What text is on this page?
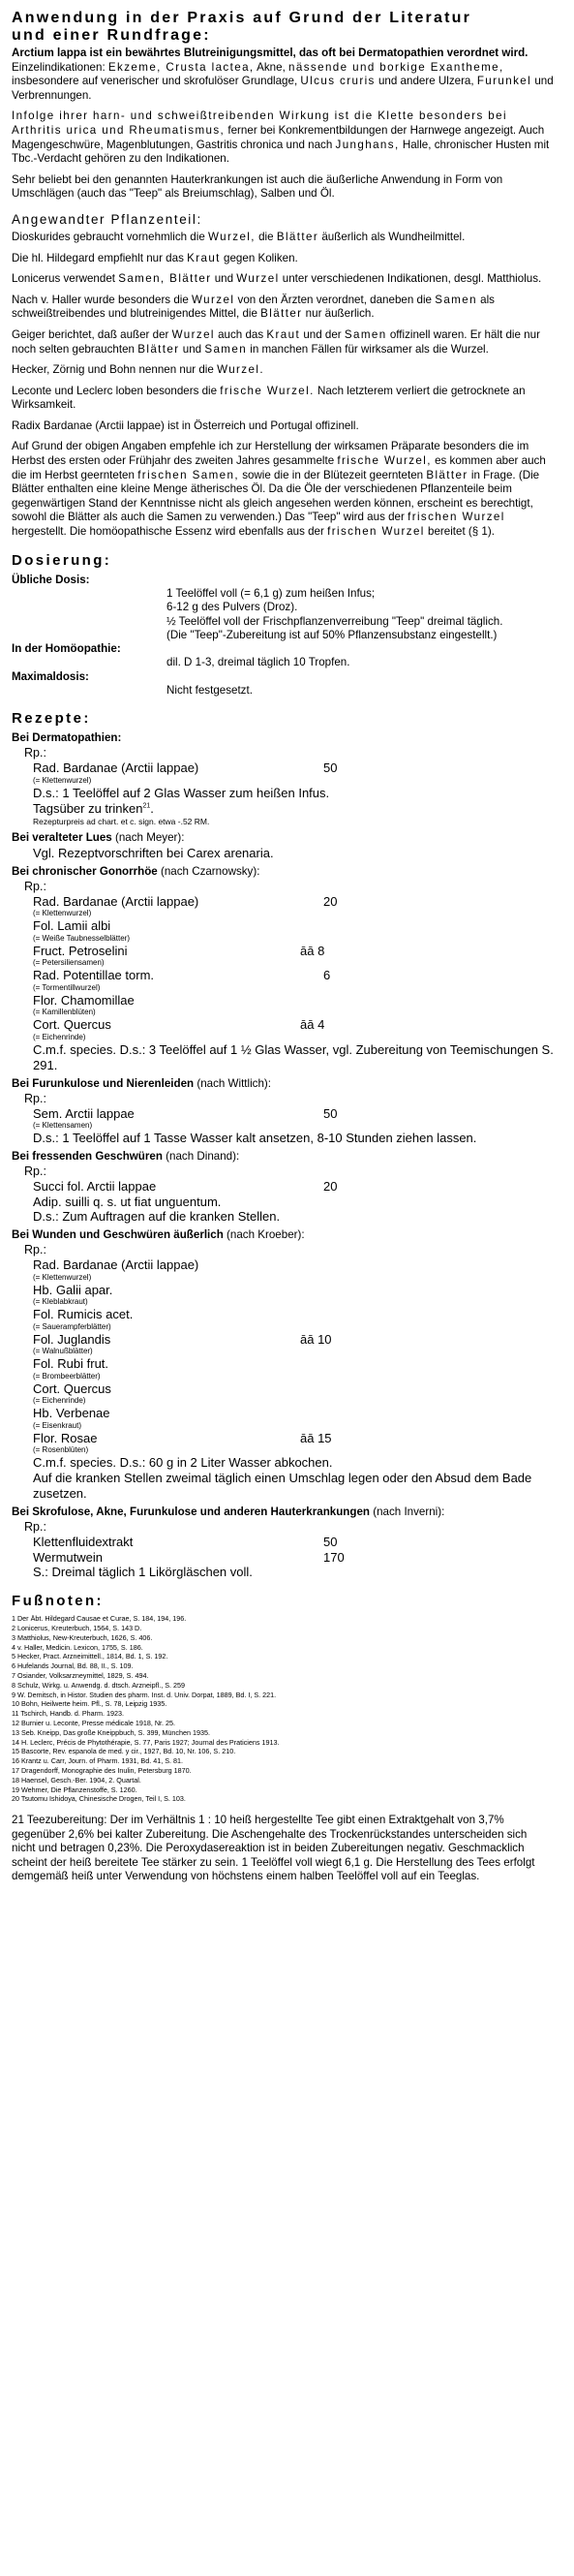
Anwendung in der Praxis auf Grund der Literatur
und einer Rundfrage:

Arctium lappa ist ein bewährtes Blutreinigungsmittel, das oft bei Dermatopathien verordnet wird. Einzelindikationen: Ekzeme, Crusta lactea, Akne, nässende und borkige Exantheme, insbesondere auf venerischer und skrofulöser Grundlage, Ulcus cruris und andere Ulzera, Furunkel und Verbrennungen.

Infolge ihrer harn- und schweißtreibenden Wirkung ist die Klette besonders bei Arthritis urica und Rheumatismus, ferner bei Konkrementbildungen der Harnwege angezeigt. Auch Magengeschwüre, Magenblutungen, Gastritis chronica und nach Junghans, Halle, chronischer Husten mit Tbc.-Verdacht gehören zu den Indikationen.

Sehr beliebt bei den genannten Hauterkrankungen ist auch die äußerliche Anwendung in Form von Umschlägen (auch das "Teep" als Breiumschlag), Salben und Öl.

Angewandter Pflanzenteil:

Dioskurides gebraucht vornehmlich die Wurzel, die Blätter äußerlich als Wundheilmittel.

Die hl. Hildegard empfiehlt nur das Kraut gegen Koliken.

Lonicerus verwendet Samen, Blätter und Wurzel unter verschiedenen Indikationen, desgl. Matthiolus.

Nach v. Haller wurde besonders die Wurzel von den Ärzten verordnet, daneben die Samen als schweißtreibendes und blutreinigendes Mittel, die Blätter nur äußerlich.

Geiger berichtet, daß außer der Wurzel auch das Kraut und der Samen offizinell waren. Er hält die nur noch selten gebrauchten Blätter und Samen in manchen Fällen für wirksamer als die Wurzel.

Hecker, Zörnig und Bohn nennen nur die Wurzel.

Leconte und Leclerc loben besonders die frische Wurzel. Nach letzterem verliert die getrocknete an Wirksamkeit.

Radix Bardanae (Arctii lappae) ist in Österreich und Portugal offizinell.

Auf Grund der obigen Angaben empfehle ich zur Herstellung der wirksamen Präparate besonders die im Herbst des ersten oder Frühjahr des zweiten Jahres gesammelte frische Wurzel, es kommen aber auch die im Herbst geernteten frischen Samen, sowie die in der Blütezeit geernteten Blätter in Frage. (Die Blätter enthalten eine kleine Menge ätherisches Öl. Da die Öle der verschiedenen Pflanzenteile beim gegenwärtigen Stand der Kenntnisse nicht als gleich angesehen werden können, erscheint es berechtigt, sowohl die Blätter als auch die Samen zu verwenden.) Das "Teep" wird aus der frischen Wurzel hergestellt. Die homöopathische Essenz wird ebenfalls aus der frischen Wurzel bereitet (§ 1).

Dosierung:
Übliche Dosis:	

	1 Teelöffel voll (= 6,1 g) zum heißen Infus;
6-12 g des Pulvers (Droz).
½ Teelöffel voll der Frischpflanzenverreibung "Teep" dreimal täglich.
(Die "Teep"-Zubereitung ist auf 50% Pflanzensubstanz eingestellt.)

In der Homöopathie:	

	dil. D 1-3, dreimal täglich 10 Tropfen.

Maximaldosis:	

	Nicht festgesetzt.
Rezepte:
Bei Dermatopathien:
Rp.:
Rad. Bardanae (Arctii lappae)	50
(= Klettenwurzel)
D.s.: 1 Teelöffel auf 2 Glas Wasser zum heißen Infus.
Tagsüber zu trinken$^{21}$.
Rezepturpreis ad chart. et c. sign. etwa -.52 RM.
Bei veralteter Lues (nach Meyer):
Vgl. Rezeptvorschriften bei Carex arenaria.
Bei chronischer Gonorrhöe (nach Czarnowsky):
Rp.:
Rad. Bardanae (Arctii lappae)	20
(= Klettenwurzel)
Fol. Lamii albi
(= Weiße Taubnesselblätter)
Fruct. Petroselini	āā 8
(= Petersiliensamen)
Rad. Potentillae torm.	6
(= Tormentillwurzel)
Flor. Chamomillae
(= Kamillenblüten)
Cort. Quercus	āā 4
(= Eichenrinde)
C.m.f. species. D.s.: 3 Teelöffel auf 1 ½ Glas Wasser, vgl. Zubereitung von Teemischungen S. 291.
Bei Furunkulose und Nierenleiden (nach Wittlich):
Rp.:
Sem. Arctii lappae	50
(= Klettensamen)
D.s.: 1 Teelöffel auf 1 Tasse Wasser kalt ansetzen, 8-10 Stunden ziehen lassen.
Bei fressenden Geschwüren (nach Dinand):
Rp.:
Succi fol. Arctii lappae	20
Adip. suilli q. s. ut fiat unguentum.
D.s.: Zum Auftragen auf die kranken Stellen.
Bei Wunden und Geschwüren äußerlich (nach Kroeber):
Rp.:
Rad. Bardanae (Arctii lappae)
(= Klettenwurzel)
Hb. Galii apar.
(= Kleblabkraut)
Fol. Rumicis acet.
(= Sauerampferblätter)
Fol. Juglandis	āā 10
(= Walnußblätter)
Fol. Rubi frut.
(= Brombeerblätter)
Cort. Quercus
(= Eichenrinde)
Hb. Verbenae
(= Eisenkraut)
Flor. Rosae	āā 15
(= Rosenblüten)
C.m.f. species. D.s.: 60 g in 2 Liter Wasser abkochen.
Auf die kranken Stellen zweimal täglich einen Umschlag legen oder den Absud dem Bade zusetzen.
Bei Skrofulose, Akne, Furunkulose und anderen Hauterkrankungen (nach Inverni):
Rp.:
Klettenfluidextrakt	50
Wermutwein	170
S.: Dreimal täglich 1 Likörgläschen voll.
Fußnoten:
1 Der Äbt. Hildegard Causae et Curae, S. 184, 194, 196.
2 Lonicerus, Kreuterbuch, 1564, S. 143 D.
3 Matthiolus, New-Kreuterbuch, 1626, S. 406.
4 v. Haller, Medicin. Lexicon, 1755, S. 186.
5 Hecker, Pract. Arzneimittell., 1814, Bd. 1, S. 192.
6 Hufelands Journal, Bd. 88, II., S. 109.
7 Osiander, Volksarzneymittel, 1829, S. 494.
8 Schulz, Wirkg. u. Anwendg. d. dtsch. Arzneipfl., S. 259
9 W. Demitsch, in Histor. Studien des pharm. Inst. d. Univ. Dorpat, 1889, Bd. I, S. 221.
10 Bohn, Heilwerte heim. Pfl., S. 78, Leipzig 1935.
11 Tschirch, Handb. d. Pharm. 1923.
12 Burnier u. Leconte, Presse médicale 1918, Nr. 25.
13 Seb. Kneipp, Das große Kneippbuch, S. 399, München 1935.
14 H. Leclerc, Précis de Phytothérapie, S. 77, Paris 1927; Journal des Praticiens 1913.
15 Bascorte, Rev. espanola de med. y cir., 1927, Bd. 10, Nr. 106, S. 210.
16 Krantz u. Carr, Journ. of Pharm. 1931, Bd. 41, S. 81.
17 Dragendorff, Monographie des Inulin, Petersburg 1870.
18 Haensel, Gesch.-Ber. 1904, 2. Quartal.
19 Wehmer, Die Pflanzenstoffe, S. 1260.
20 Tsutomu Ishidoya, Chinesische Drogen, Teil I, S. 103.

21 Teezubereitung: Der im Verhältnis 1 : 10 heiß hergestellte Tee gibt einen Extraktgehalt von 3,7% gegenüber 2,6% bei kalter Zubereitung. Die Aschengehalte des Trockenrückstandes unterscheiden sich nicht und betragen 0,23%. Die Peroxydasereaktion ist in beiden Zubereitungen negativ. Geschmacklich scheint der heiß bereitete Tee stärker zu sein. 1 Teelöffel voll wiegt 6,1 g. Die Herstellung des Tees erfolgt demgemäß heiß unter Verwendung von höchstens einem halben Teelöffel voll auf ein Teeglas.
